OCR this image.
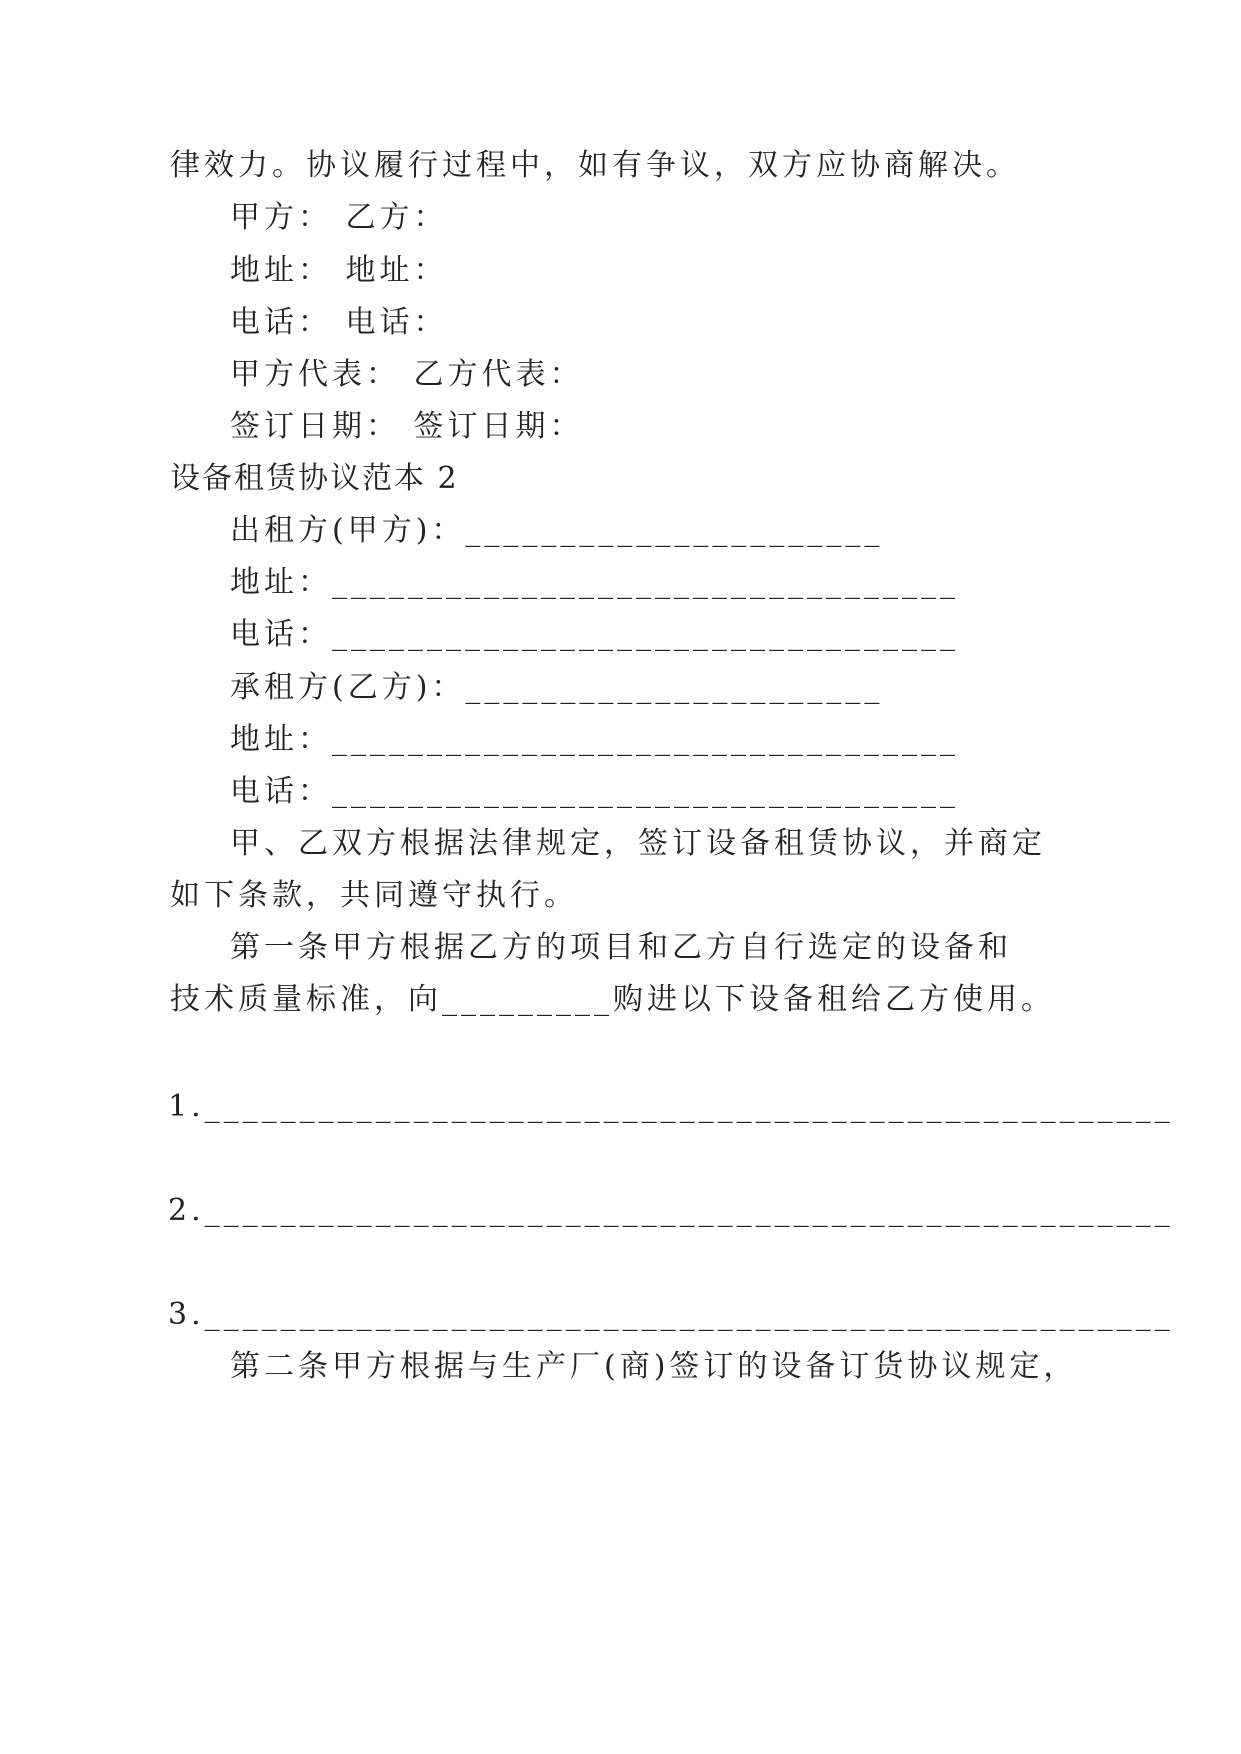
律效力。协议履行过程中，如有争议，双方应协商解决。
甲方： 乙方：
地址： 地址：
电话： 电话：
甲方代表： 乙方代表：
签订日期： 签订日期：
设备租赁协议范本 2
出租方(甲方)：______________________
地址：_________________________________
电话：_________________________________
承租方(乙方)：______________________
地址：_________________________________
电话：_________________________________
甲、乙双方根据法律规定，签订设备租赁协议，并商定
如下条款，共同遵守执行。
第一条甲方根据乙方的项目和乙方自行选定的设备和
技术质量标准，向_________购进以下设备租给乙方使用。
1.___________________________________________________
2.___________________________________________________
3.___________________________________________________
第二条甲方根据与生产厂(商)签订的设备订货协议规定，
